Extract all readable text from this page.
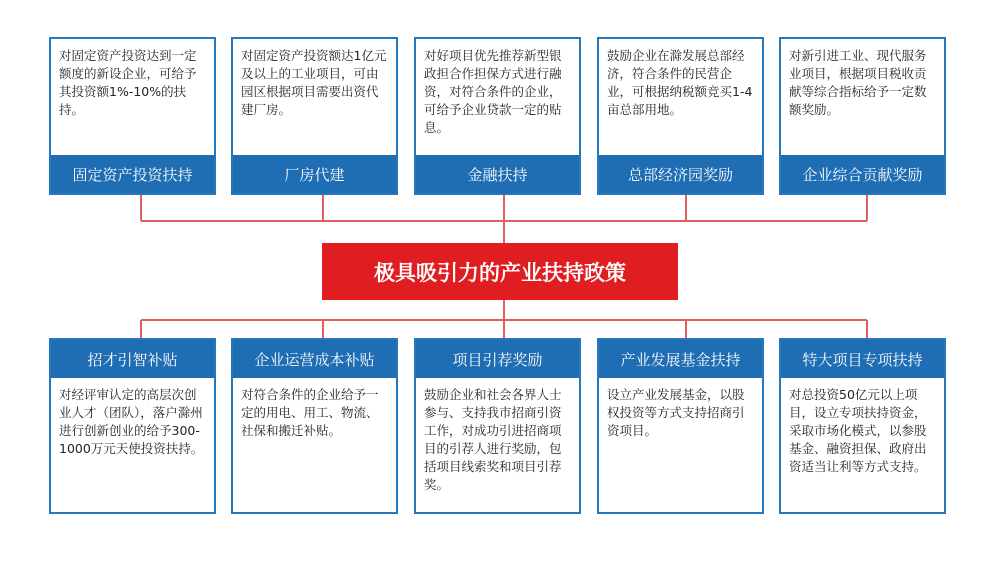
对固定资产投资达到一定额度的新设企业，可给予其投资额1%-10%的扶持。
固定资产投资扶持
对固定资产投资额达1亿元及以上的工业项目，可由园区根据项目需要出资代建厂房。
厂房代建
对好项目优先推荐新型银政担合作担保方式进行融资，对符合条件的企业，可给予企业贷款一定的贴息。
金融扶持
鼓励企业在滁发展总部经济，符合条件的民营企业，可根据纳税额竞买1-4亩总部用地。
总部经济园奖励
对新引进工业、现代服务业项目，根据项目税收贡献等综合指标给予一定数额奖励。
企业综合贡献奖励
极具吸引力的产业扶持政策
招才引智补贴
对经评审认定的高层次创业人才（团队），落户滁州进行创新创业的给予300-1000万元天使投资扶持。
企业运营成本补贴
对符合条件的企业给予一定的用电、用工、物流、社保和搬迁补贴。
项目引荐奖励
鼓励企业和社会各界人士参与、支持我市招商引资工作，对成功引进招商项目的引荐人进行奖励，包括项目线索奖和项目引荐奖。
产业发展基金扶持
设立产业发展基金，以股权投资等方式支持招商引资项目。
特大项目专项扶持
对总投资50亿元以上项目，设立专项扶持资金，采取市场化模式，以参股基金、融资担保、政府出资适当让利等方式支持。
